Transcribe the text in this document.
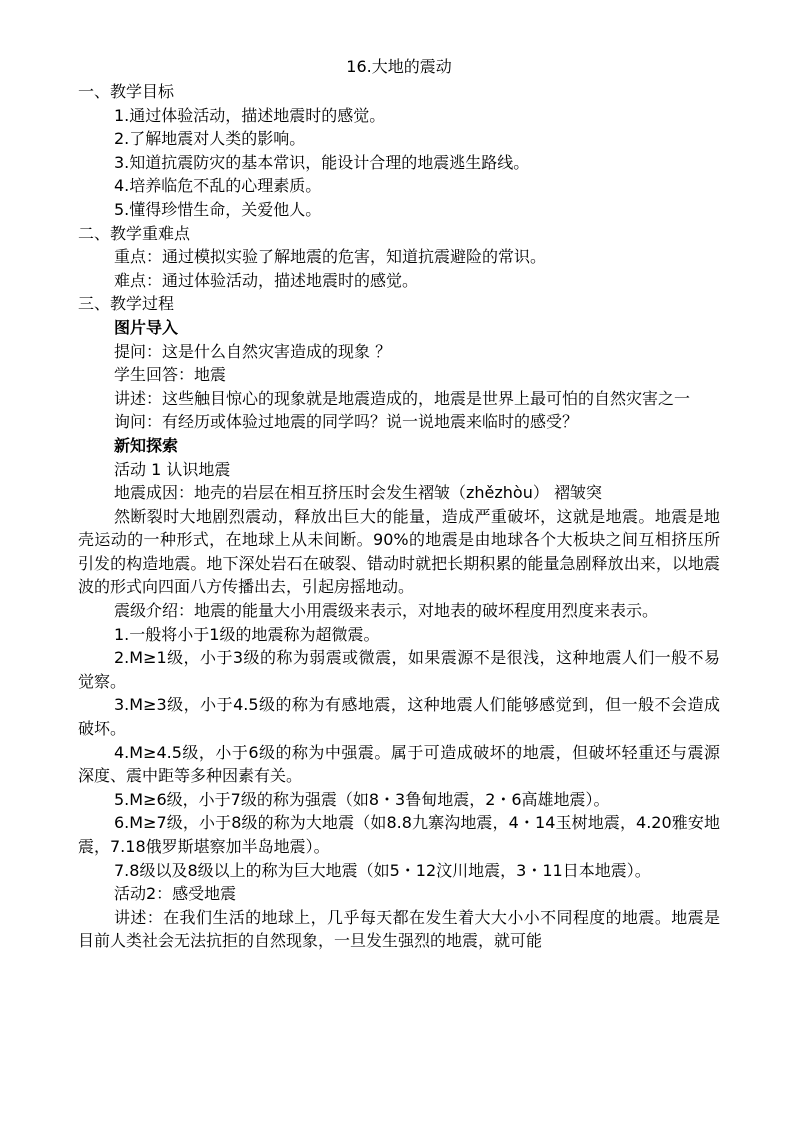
16.大地的震动

一、教学目标

1.通过体验活动，描述地震时的感觉。

2.了解地震对人类的影响。

3.知道抗震防灾的基本常识，能设计合理的地震逃生路线。

4.培养临危不乱的心理素质。

5.懂得珍惜生命，关爱他人。

二、教学重难点

重点：通过模拟实验了解地震的危害，知道抗震避险的常识。

难点：通过体验活动，描述地震时的感觉。

三、教学过程

图片导入

提问：这是什么自然灾害造成的现象 ？

学生回答：地震

讲述：这些触目惊心的现象就是地震造成的，地震是世界上最可怕的自然灾害之一

询问：有经历或体验过地震的同学吗？说一说地震来临时的感受？

新知探索

活动 1 认识地震

地震成因：地壳的岩层在相互挤压时会发生褶皱（zhězhòu） 褶皱突

然断裂时大地剧烈震动，释放出巨大的能量，造成严重破坏，这就是地震。地震是地壳运动的一种形式，在地球上从未间断。90%的地震是由地球各个大板块之间互相挤压所引发的构造地震。地下深处岩石在破裂、错动时就把长期积累的能量急剧释放出来，以地震波的形式向四面八方传播出去，引起房摇地动。

震级介绍：地震的能量大小用震级来表示，对地表的破坏程度用烈度来表示。

1.一般将小于1级的地震称为超微震。

2.M≥1级，小于3级的称为弱震或微震，如果震源不是很浅，这种地震人们一般不易觉察。

3.M≥3级，小于4.5级的称为有感地震，这种地震人们能够感觉到，但一般不会造成破坏。

4.M≥4.5级，小于6级的称为中强震。属于可造成破坏的地震，但破坏轻重还与震源深度、震中距等多种因素有关。

5.M≥6级，小于7级的称为强震（如8・3鲁甸地震，2・6高雄地震）。

6.M≥7级，小于8级的称为大地震（如8.8九寨沟地震，4・14玉树地震，4.20雅安地震，7.18俄罗斯堪察加半岛地震）。

7.8级以及8级以上的称为巨大地震（如5・12汶川地震，3・11日本地震）。

活动2：感受地震

讲述：在我们生活的地球上，几乎每天都在发生着大大小小不同程度的地震。地震是目前人类社会无法抗拒的自然现象，一旦发生强烈的地震，就可能
